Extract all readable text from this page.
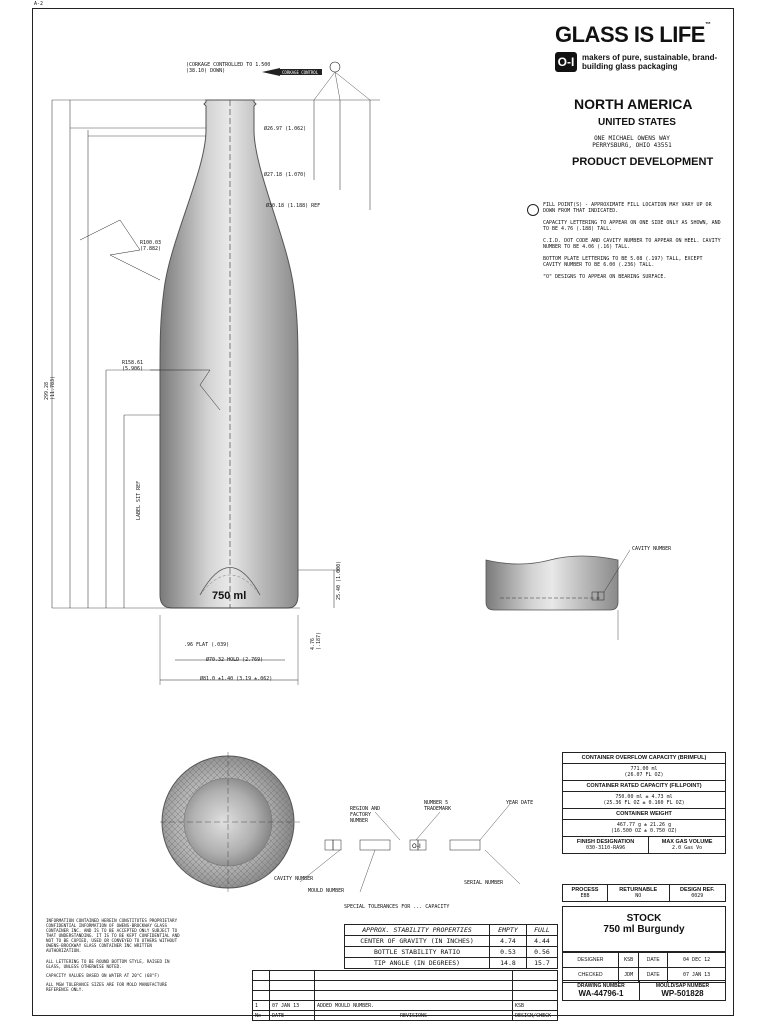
A-2
(CORKAGE CONTROLLED TO 1.500 (38.10) DOWN)	CORKAGE CONTROL
750 ml
Ø26.97 (1.062)
Ø27.18 (1.070)
Ø30.18 (1.188) REF
R100.03 (7.882)
R158.61 (5.906)
299.28 (11.783)
LABEL SIT REF
.96 FLAT (.039)
Ø70.32 HOLD (2.769)
Ø81.0 ±1.40 (3.19 ±.062)
25.40 (1.000)
4.76 (.187)
CAVITY NUMBER
O-I
REGION AND FACTORY NUMBER
NUMBER 5 TRADEMARK
YEAR DATE
CAVITY NUMBER
MOULD NUMBER
SERIAL NUMBER
SPECIAL TOLERANCES FOR ... CAPACITY
GLASS IS LIFE™
O-I makers of pure, sustainable, brand-building glass packaging
NORTH AMERICA
UNITED STATES
ONE MICHAEL OWENS WAY
PERRYSBURG, OHIO 43551
PRODUCT DEVELOPMENT
FILL POINT(S) - APPROXIMATE FILL LOCATION MAY VARY UP OR DOWN FROM THAT INDICATED.
CAPACITY LETTERING TO APPEAR ON ONE SIDE ONLY AS SHOWN, AND TO BE 4.76 (.188) TALL.
C.I.D. DOT CODE AND CAVITY NUMBER TO APPEAR ON HEEL. CAVITY NUMBER TO BE 4.06 (.16) TALL.
BOTTOM PLATE LETTERING TO BE 5.08 (.197) TALL, EXCEPT CAVITY NUMBER TO BE 6.00 (.236) TALL.
"O" DESIGNS TO APPEAR ON BEARING SURFACE.
CONTAINER OVERFLOW CAPACITY (BRIMFUL)

771.00 ml
(26.07 FL OZ)

CONTAINER RATED CAPACITY (FILLPOINT)

750.00 ml ± 4.73 ml
(25.36 FL OZ ± 0.160 FL OZ)

CONTAINER WEIGHT

467.77 g ± 21.26 g
(16.500 OZ ± 0.750 OZ)

FINISH DESIGNATION
030-3110-RA96

MAX GAS VOLUME
2.0 Gas Vo
PROCESS
EBB

RETURNABLE
NO

DESIGN REF.
0029
STOCK
750 ml Burgundy
DESIGNER	KSB	DATE	04 DEC 12
CHECKED	JDM	DATE	07 JAN 13
DRAWING NUMBER
WA-44796-1

MOULD/SAP NUMBER
WP-501828
APPROX. STABILITY PROPERTIES	EMPTY	FULL
CENTER OF GRAVITY (IN INCHES)	4.74	4.44
BOTTLE STABILITY RATIO	0.53	0.56
TIP ANGLE (IN DEGREES)	14.8	15.7

1	07 JAN 13	ADDED MOULD NUMBER.	KSB
No	DATE	REVISIONS	DESIGN/CHECK
INFORMATION CONTAINED HEREIN CONSTITUTES PROPRIETARY CONFIDENTIAL INFORMATION OF OWENS-BROCKWAY GLASS CONTAINER INC. AND IS TO BE ACCEPTED ONLY SUBJECT TO THAT UNDERSTANDING. IT IS TO BE KEPT CONFIDENTIAL AND NOT TO BE COPIED, USED OR CONVEYED TO OTHERS WITHOUT OWENS-BROCKWAY GLASS CONTAINER INC WRITTEN AUTHORIZATION.
ALL LETTERING TO BE ROUND BOTTOM STYLE, RAISED IN GLASS, UNLESS OTHERWISE NOTED.
CAPACITY VALUES BASED ON WATER AT 20°C (68°F)
ALL MGW TOLERANCE SIZES ARE FOR MOLD MANUFACTURE REFERENCE ONLY.
